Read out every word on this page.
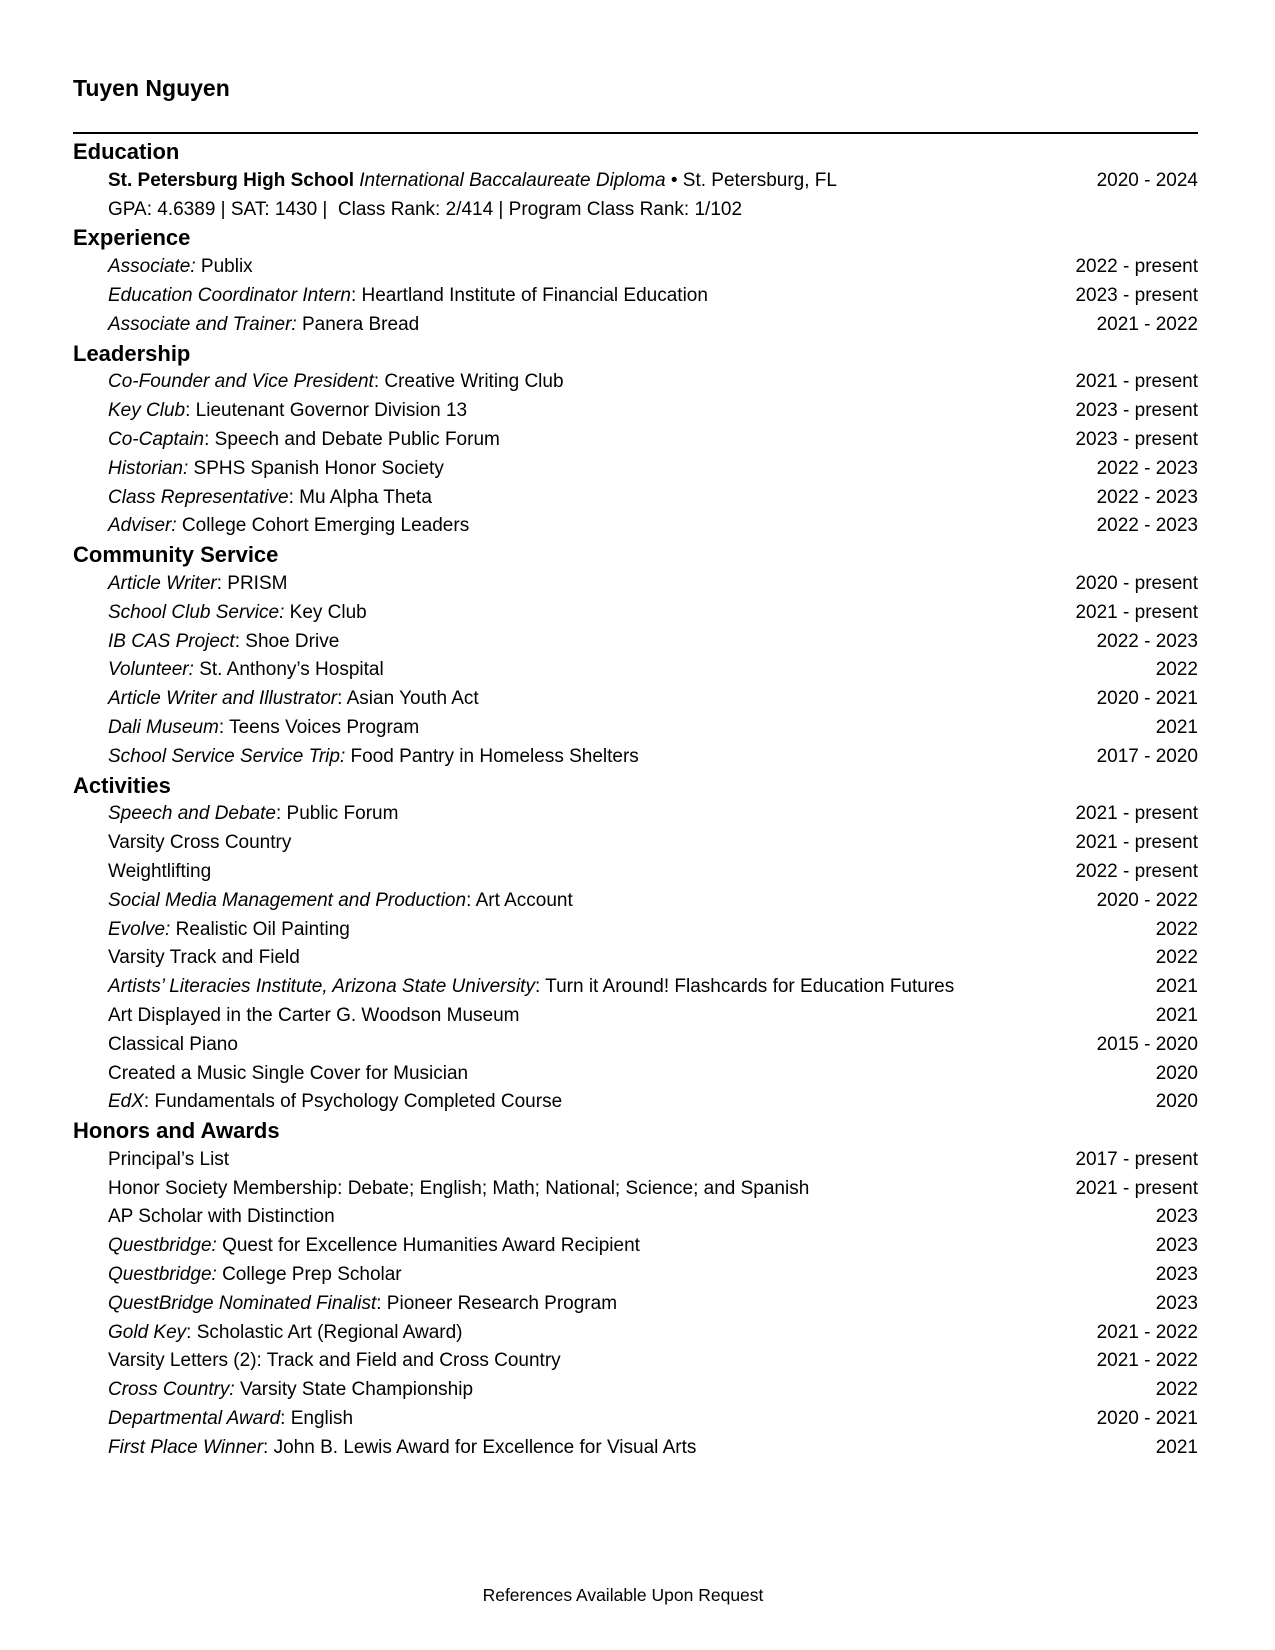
Tuyen Nguyen
Education
St. Petersburg High School International Baccalaureate Diploma • St. Petersburg, FL	2020 - 2024
GPA: 4.6389 | SAT: 1430 |  Class Rank: 2/414 | Program Class Rank: 1/102
Experience
Associate: Publix	2022 - present
Education Coordinator Intern: Heartland Institute of Financial Education	2023 - present
Associate and Trainer: Panera Bread	2021 - 2022
Leadership
Co-Founder and Vice President: Creative Writing Club	2021 - present
Key Club: Lieutenant Governor Division 13	2023 - present
Co-Captain: Speech and Debate Public Forum	2023 - present
Historian: SPHS Spanish Honor Society	2022 - 2023
Class Representative: Mu Alpha Theta	2022 - 2023
Adviser: College Cohort Emerging Leaders	2022 - 2023
Community Service
Article Writer: PRISM	2020 - present
School Club Service: Key Club	2021 - present
IB CAS Project: Shoe Drive	2022 - 2023
Volunteer: St. Anthony’s Hospital	2022
Article Writer and Illustrator: Asian Youth Act	2020 - 2021
Dali Museum: Teens Voices Program	2021
School Service Service Trip: Food Pantry in Homeless Shelters	2017 - 2020
Activities
Speech and Debate: Public Forum	2021 - present
Varsity Cross Country	2021 - present
Weightlifting	2022 - present
Social Media Management and Production: Art Account	2020 - 2022
Evolve: Realistic Oil Painting	2022
Varsity Track and Field	2022
Artists’ Literacies Institute, Arizona State University: Turn it Around! Flashcards for Education Futures	2021
Art Displayed in the Carter G. Woodson Museum	2021
Classical Piano	2015 - 2020
Created a Music Single Cover for Musician	2020
EdX: Fundamentals of Psychology Completed Course	2020
Honors and Awards
Principal’s List	2017 - present
Honor Society Membership: Debate; English; Math; National; Science; and Spanish	2021 - present
AP Scholar with Distinction	2023
Questbridge: Quest for Excellence Humanities Award Recipient	2023
Questbridge: College Prep Scholar	2023
QuestBridge Nominated Finalist: Pioneer Research Program	2023
Gold Key: Scholastic Art (Regional Award)	2021 - 2022
Varsity Letters (2): Track and Field and Cross Country	2021 - 2022
Cross Country: Varsity State Championship	2022
Departmental Award: English	2020 - 2021
First Place Winner: John B. Lewis Award for Excellence for Visual Arts	2021
References Available Upon Request
